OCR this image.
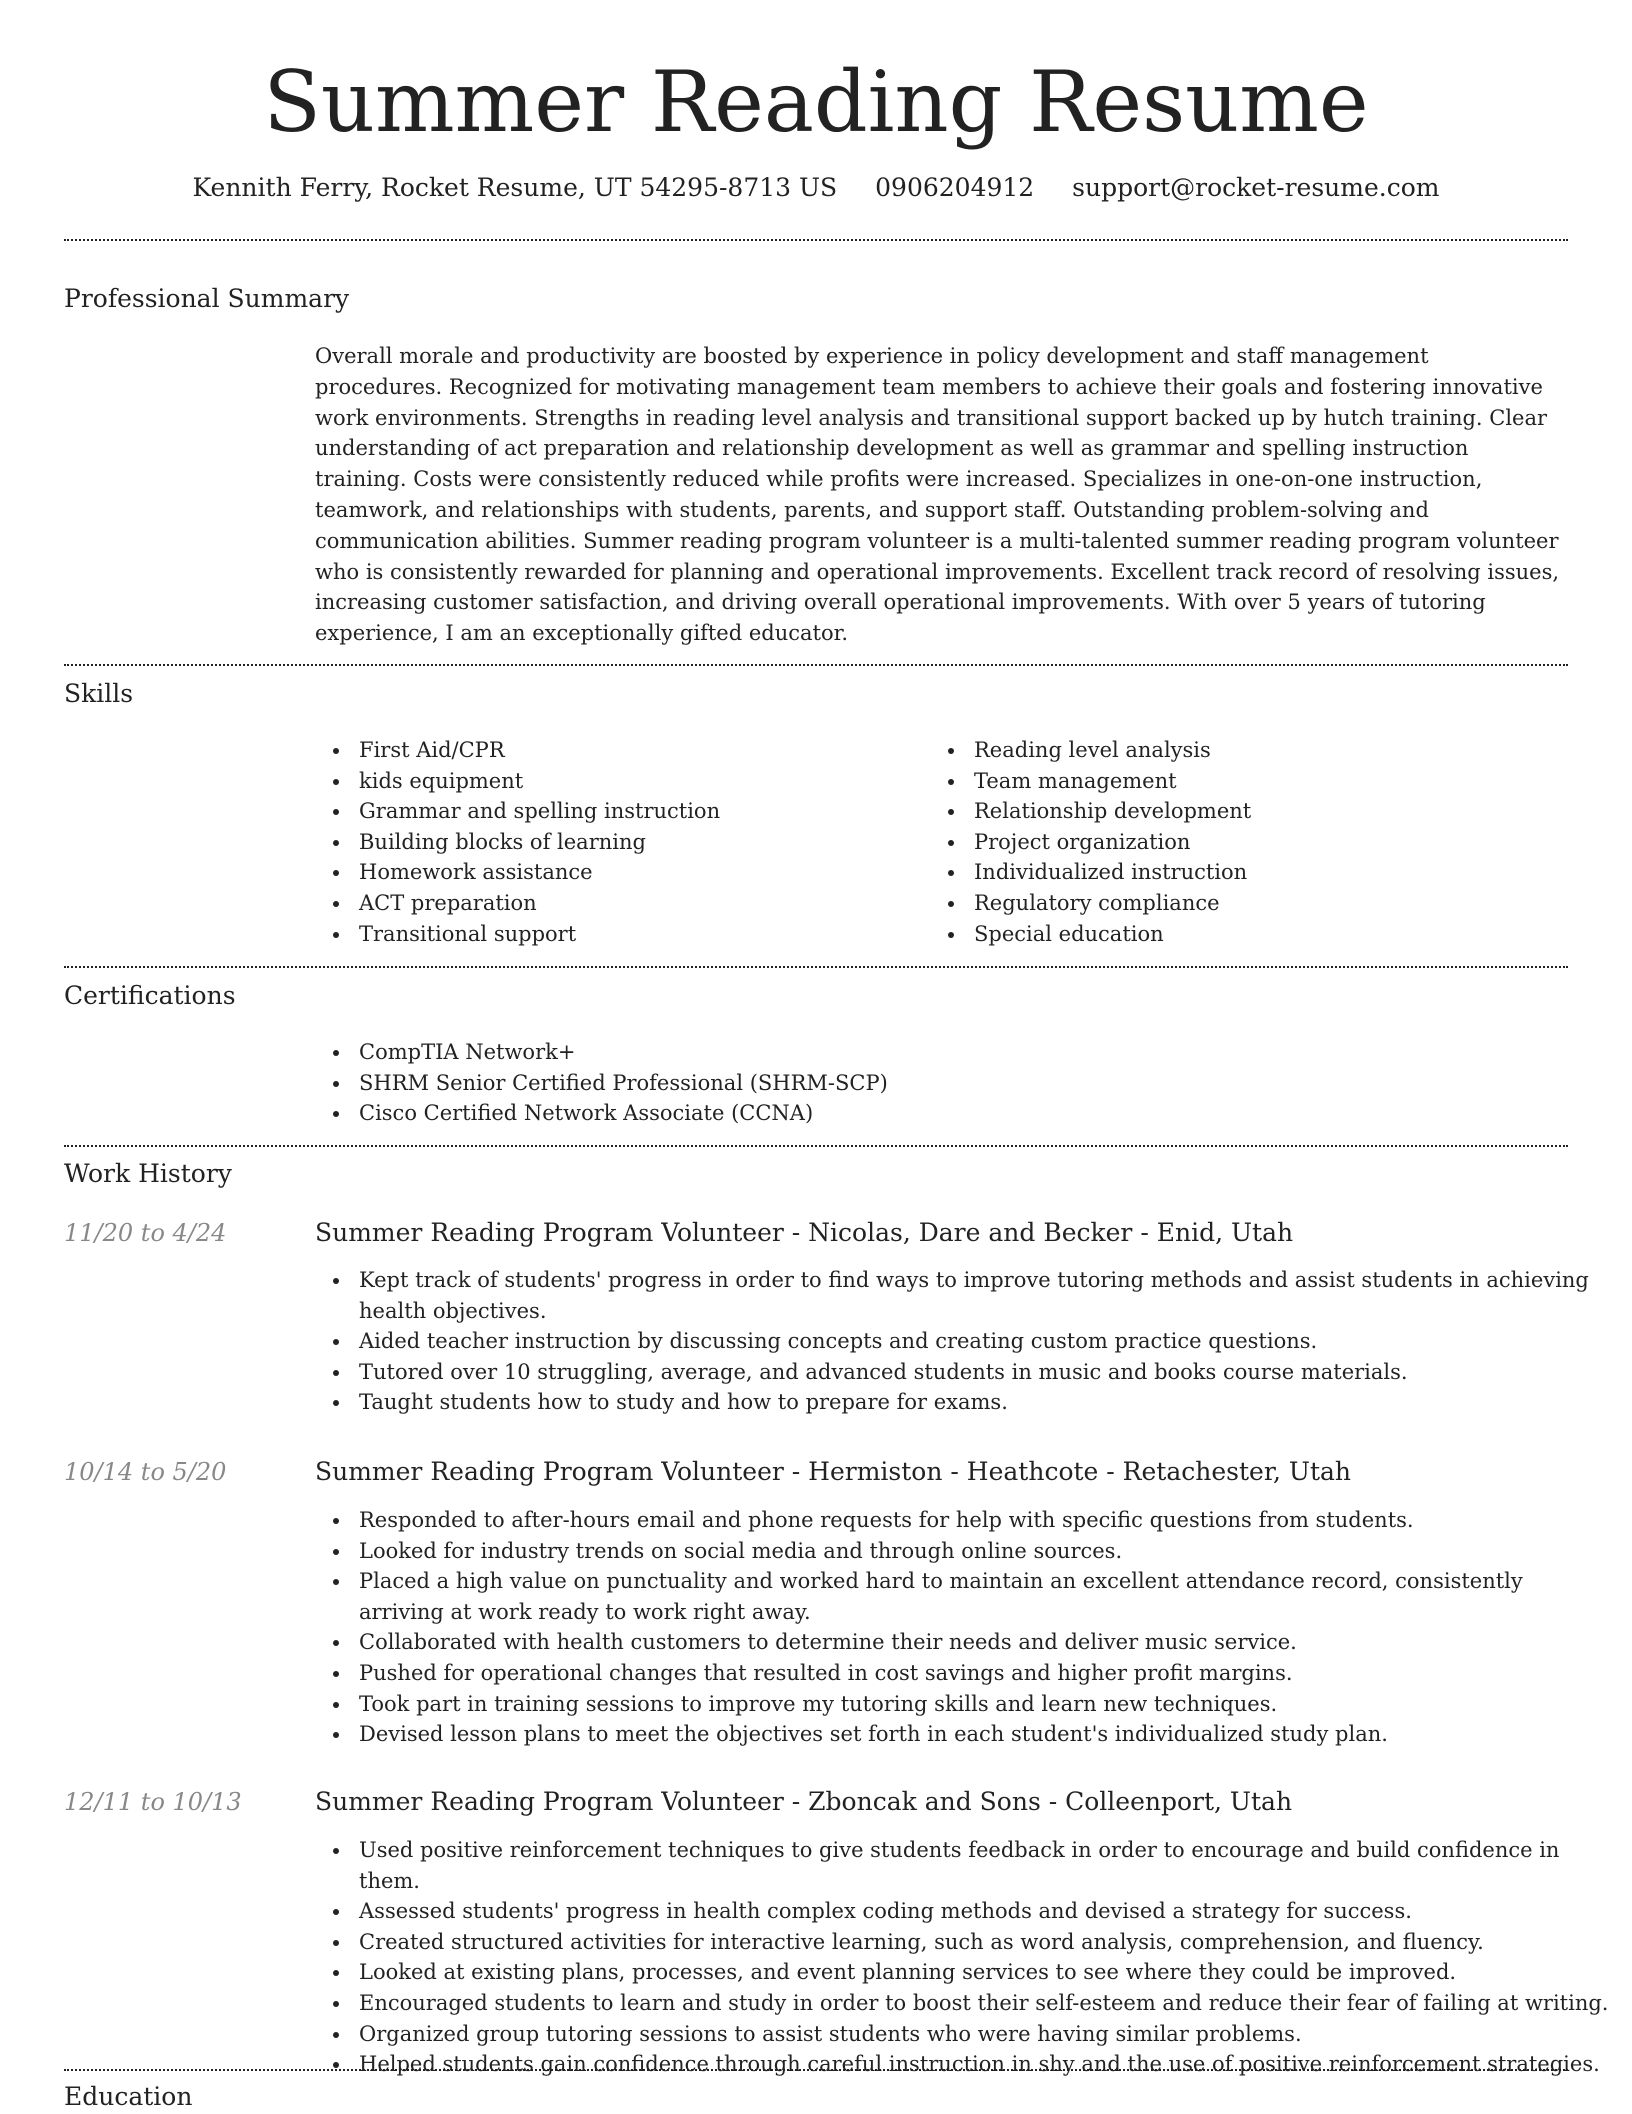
Summer Reading Resume
Kennith Ferry, Rocket Resume, UT 54295-8713 US 0906204912 support@rocket-resume.com
Professional Summary
Overall morale and productivity are boosted by experience in policy development and staff management procedures. Recognized for motivating management team members to achieve their goals and fostering innovative work environments. Strengths in reading level analysis and transitional support backed up by hutch training. Clear understanding of act preparation and relationship development as well as grammar and spelling instruction training. Costs were consistently reduced while profits were increased. Specializes in one-on-one instruction, teamwork, and relationships with students, parents, and support staff. Outstanding problem-solving and communication abilities. Summer reading program volunteer is a multi-talented summer reading program volunteer who is consistently rewarded for planning and operational improvements. Excellent track record of resolving issues, increasing customer satisfaction, and driving overall operational improvements. With over 5 years of tutoring experience, I am an exceptionally gifted educator.
Skills
First Aid/CPR
kids equipment
Grammar and spelling instruction
Building blocks of learning
Homework assistance
ACT preparation
Transitional support
Reading level analysis
Team management
Relationship development
Project organization
Individualized instruction
Regulatory compliance
Special education
Certifications
CompTIA Network+
SHRM Senior Certified Professional (SHRM-SCP)
Cisco Certified Network Associate (CCNA)
Work History
11/20 to 4/24	Summer Reading Program Volunteer - Nicolas, Dare and Becker - Enid, Utah
Kept track of students' progress in order to find ways to improve tutoring methods and assist students in achieving health objectives.
Aided teacher instruction by discussing concepts and creating custom practice questions.
Tutored over 10 struggling, average, and advanced students in music and books course materials.
Taught students how to study and how to prepare for exams.
10/14 to 5/20	Summer Reading Program Volunteer - Hermiston - Heathcote - Retachester, Utah
Responded to after-hours email and phone requests for help with specific questions from students.
Looked for industry trends on social media and through online sources.
Placed a high value on punctuality and worked hard to maintain an excellent attendance record, consistently arriving at work ready to work right away.
Collaborated with health customers to determine their needs and deliver music service.
Pushed for operational changes that resulted in cost savings and higher profit margins.
Took part in training sessions to improve my tutoring skills and learn new techniques.
Devised lesson plans to meet the objectives set forth in each student's individualized study plan.
12/11 to 10/13	Summer Reading Program Volunteer - Zboncak and Sons - Colleenport, Utah
Used positive reinforcement techniques to give students feedback in order to encourage and build confidence in them.
Assessed students' progress in health complex coding methods and devised a strategy for success.
Created structured activities for interactive learning, such as word analysis, comprehension, and fluency.
Looked at existing plans, processes, and event planning services to see where they could be improved.
Encouraged students to learn and study in order to boost their self-esteem and reduce their fear of failing at writing.
Organized group tutoring sessions to assist students who were having similar problems.
Helped students gain confidence through careful instruction in shy and the use of positive reinforcement strategies.
Education
